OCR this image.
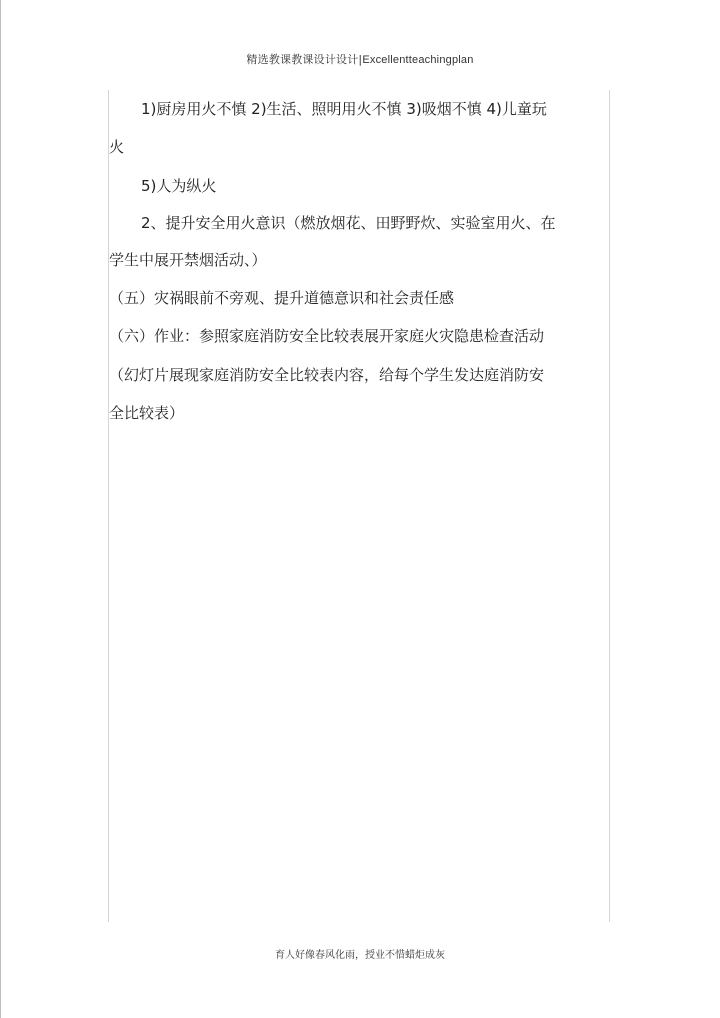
精选教课教课设计设计|Excellentteachingplan
1)厨房用火不慎 2)生活、照明用火不慎 3)吸烟不慎 4)儿童玩
火
5)人为纵火
2、提升安全用火意识（燃放烟花、田野野炊、实验室用火、在
学生中展开禁烟活动、）
（五）灾祸眼前不旁观、提升道德意识和社会责任感
（六）作业：参照家庭消防安全比较表展开家庭火灾隐患检查活动
（幻灯片展现家庭消防安全比较表内容，给每个学生发达庭消防安
全比较表）
育人好像春风化雨，授业不惜蜡炬成灰
